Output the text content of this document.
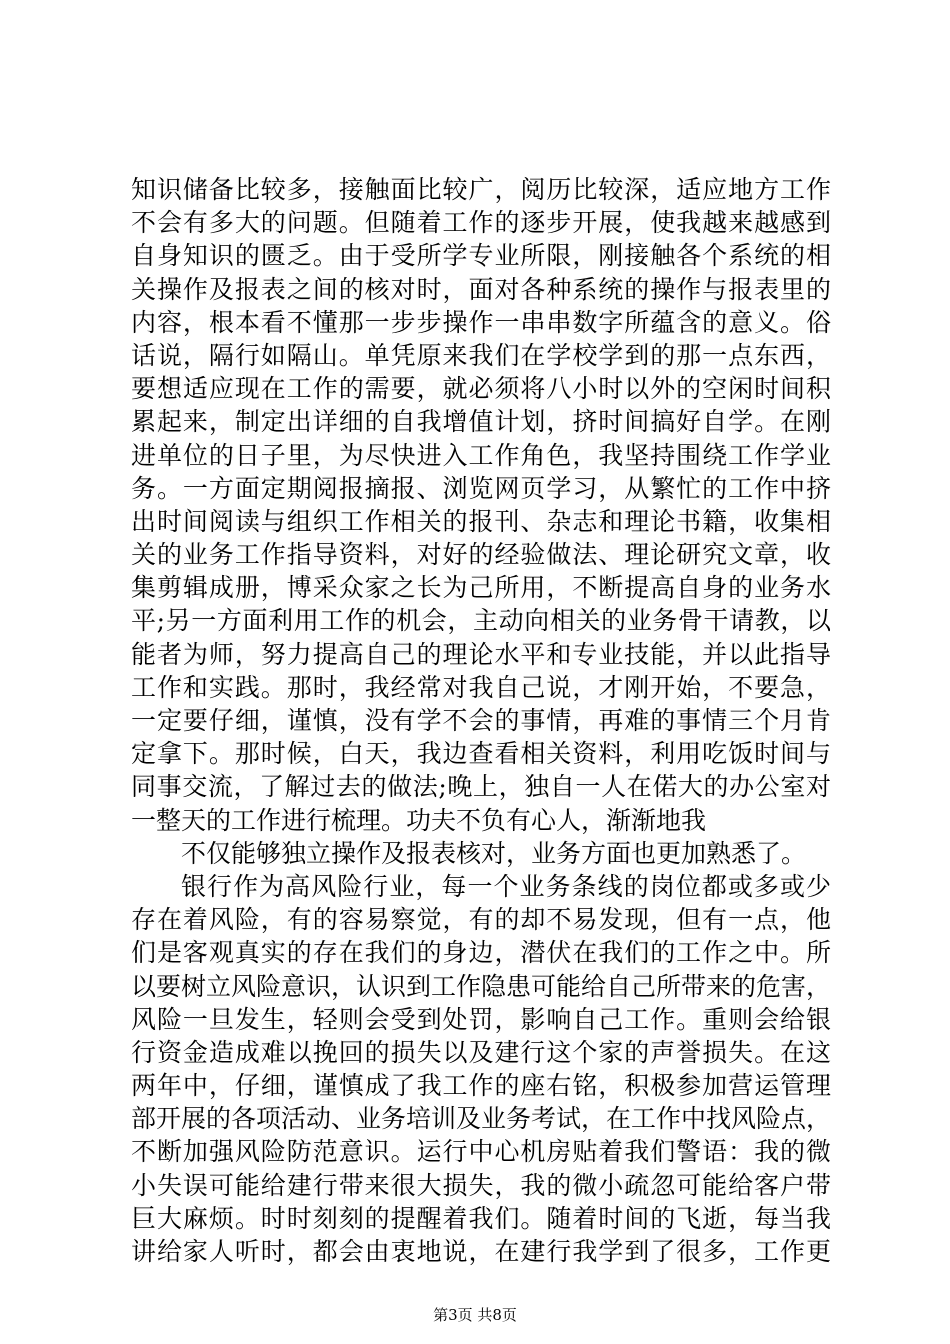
知识储备比较多，接触面比较广，阅历比较深，适应地方工作
不会有多大的问题。但随着工作的逐步开展，使我越来越感到
自身知识的匮乏。由于受所学专业所限，刚接触各个系统的相
关操作及报表之间的核对时，面对各种系统的操作与报表里的
内容，根本看不懂那一步步操作一串串数字所蕴含的意义。俗
话说，隔行如隔山。单凭原来我们在学校学到的那一点东西，
要想适应现在工作的需要，就必须将八小时以外的空闲时间积
累起来，制定出详细的自我增值计划，挤时间搞好自学。在刚
进单位的日子里，为尽快进入工作角色，我坚持围绕工作学业
务。一方面定期阅报摘报、浏览网页学习，从繁忙的工作中挤
出时间阅读与组织工作相关的报刊、杂志和理论书籍，收集相
关的业务工作指导资料，对好的经验做法、理论研究文章，收
集剪辑成册，博采众家之长为己所用，不断提高自身的业务水
平;另一方面利用工作的机会，主动向相关的业务骨干请教，以
能者为师，努力提高自己的理论水平和专业技能，并以此指导
工作和实践。那时，我经常对我自己说，才刚开始，不要急，
一定要仔细，谨慎，没有学不会的事情，再难的事情三个月肯
定拿下。那时候，白天，我边查看相关资料，利用吃饭时间与
同事交流，了解过去的做法;晚上，独自一人在偌大的办公室对
一整天的工作进行梳理。功夫不负有心人，渐渐地我
不仅能够独立操作及报表核对，业务方面也更加熟悉了。
银行作为高风险行业，每一个业务条线的岗位都或多或少
存在着风险，有的容易察觉，有的却不易发现，但有一点，他
们是客观真实的存在我们的身边，潜伏在我们的工作之中。所
以要树立风险意识，认识到工作隐患可能给自己所带来的危害，
风险一旦发生，轻则会受到处罚，影响自己工作。重则会给银
行资金造成难以挽回的损失以及建行这个家的声誉损失。在这
两年中，仔细，谨慎成了我工作的座右铭，积极参加营运管理
部开展的各项活动、业务培训及业务考试，在工作中找风险点，
不断加强风险防范意识。运行中心机房贴着我们警语：我的微
小失误可能给建行带来很大损失，我的微小疏忽可能给客户带
巨大麻烦。时时刻刻的提醒着我们。随着时间的飞逝，每当我
讲给家人听时，都会由衷地说，在建行我学到了很多，工作更
第3页 共8页
